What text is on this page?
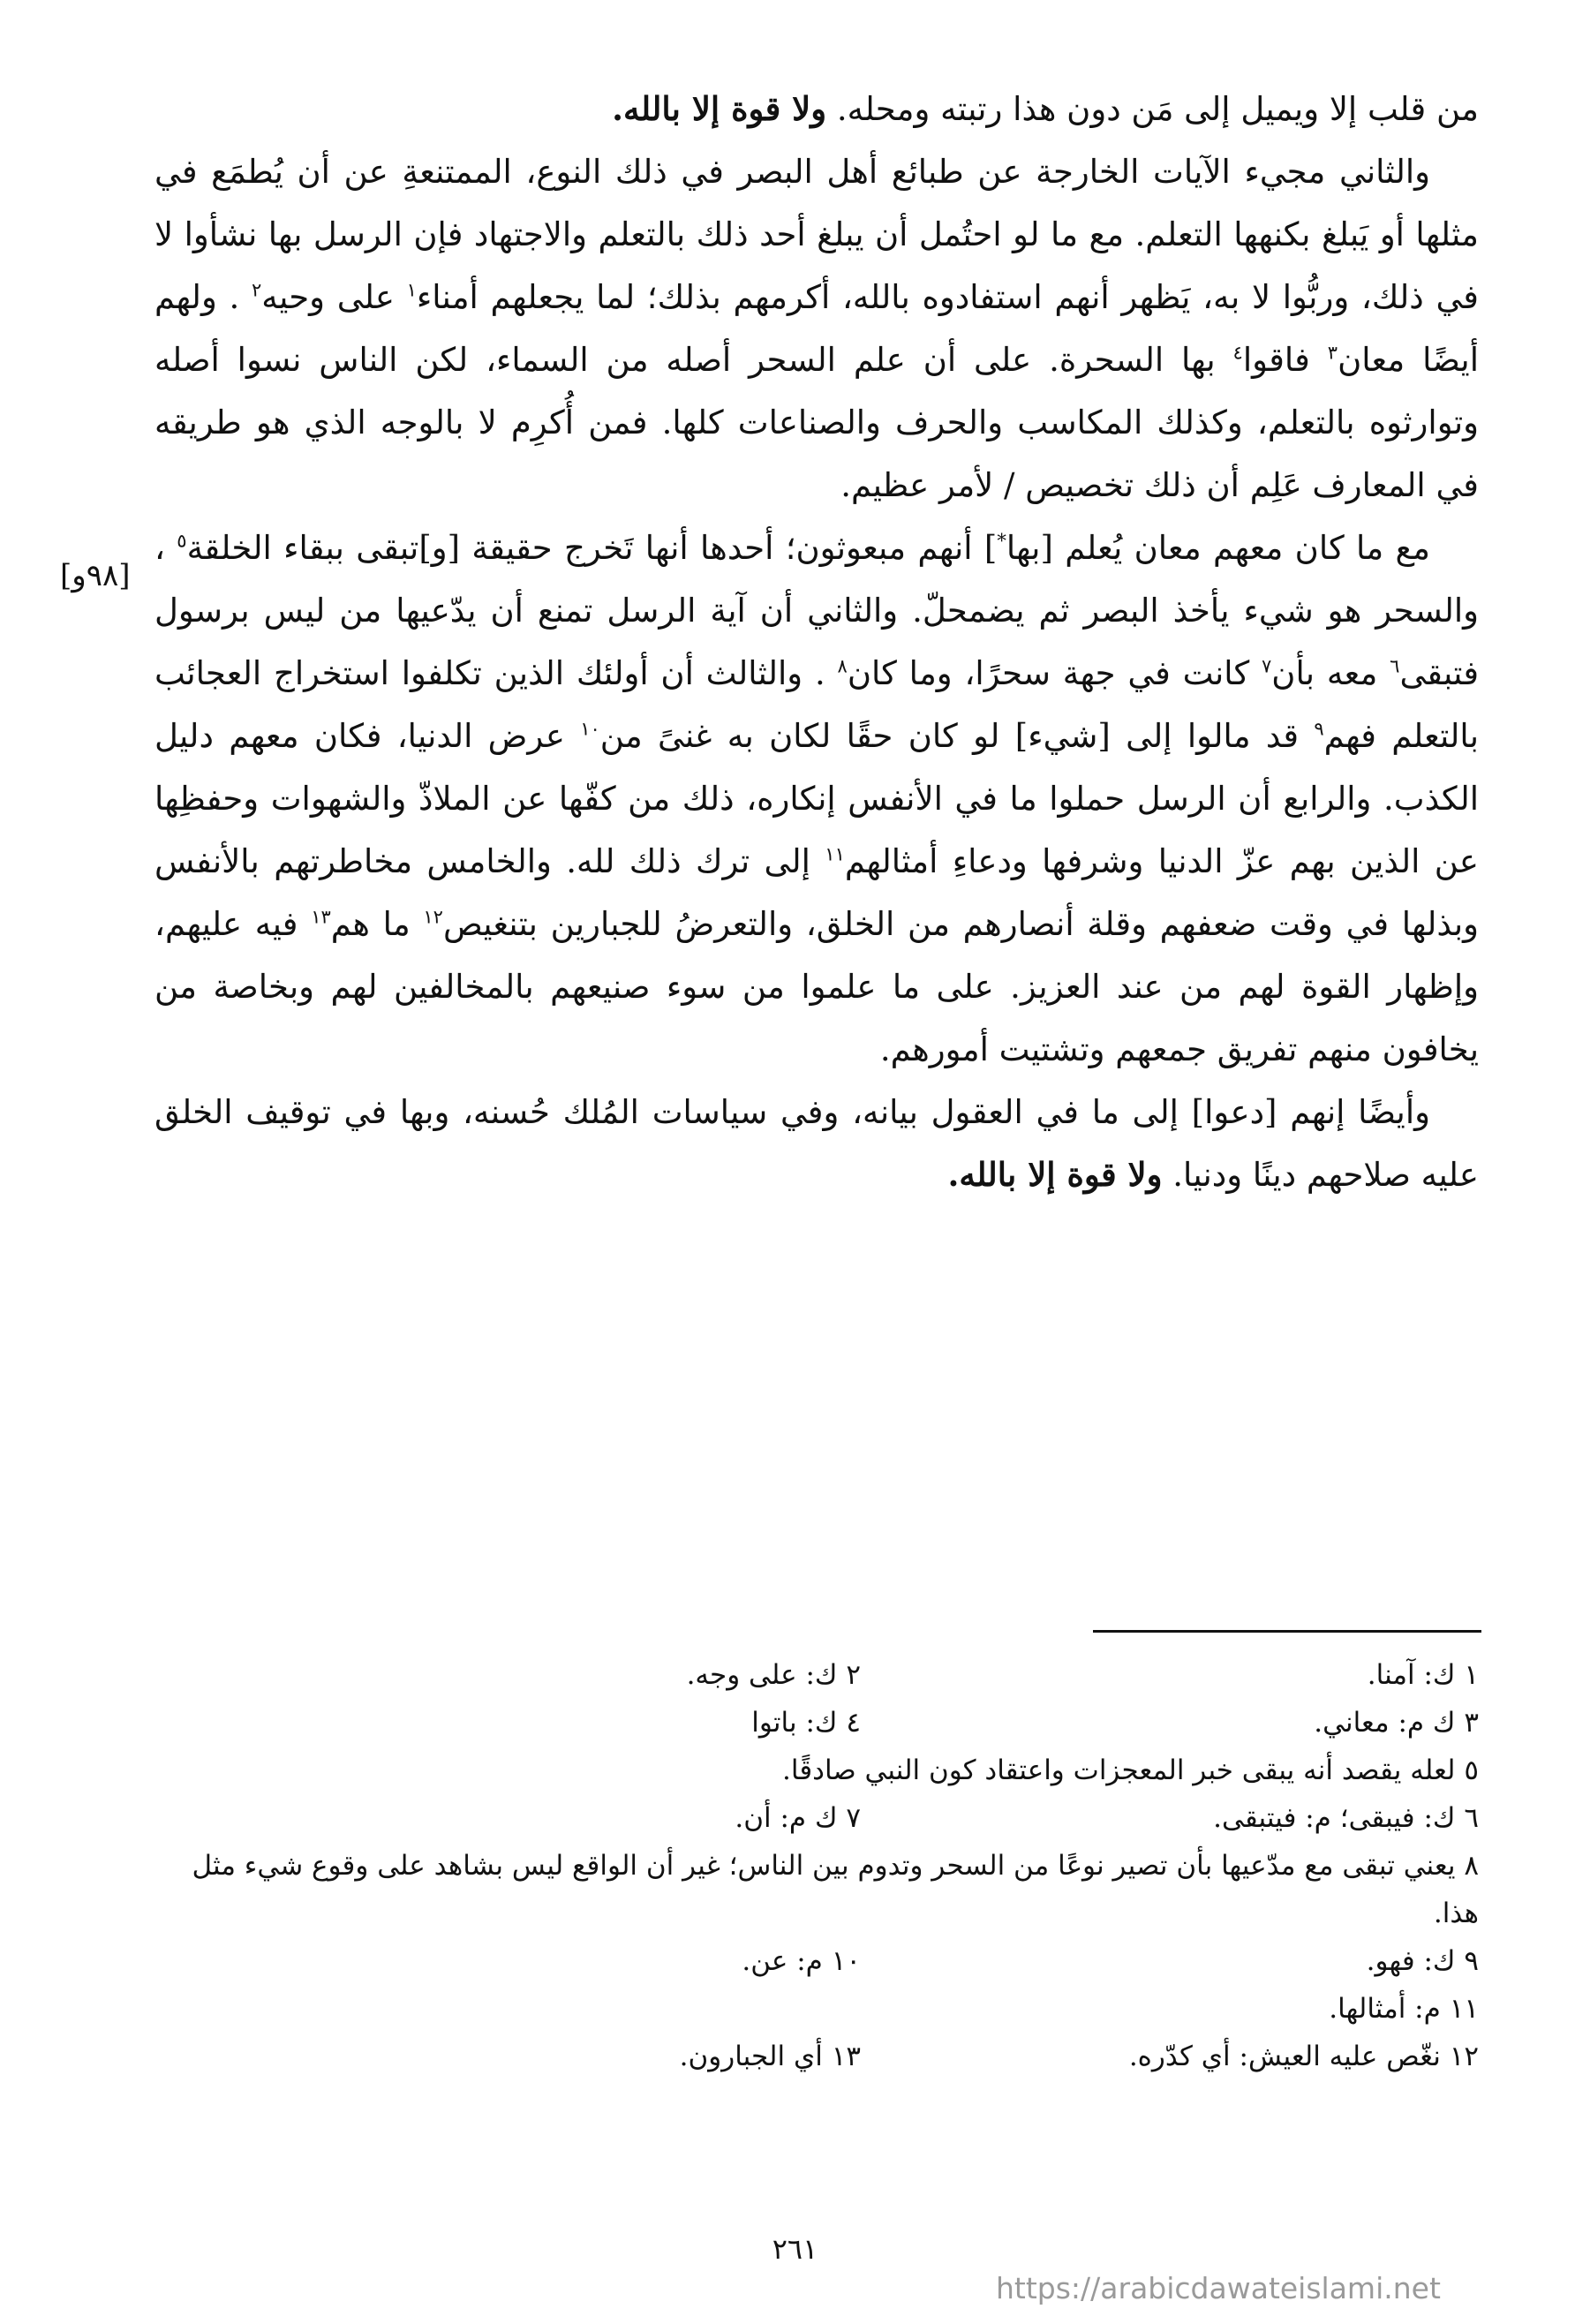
من قلب إلا ويميل إلى مَن دون هذا رتبته ومحله. ولا قوة إلا بالله.

والثاني مجيء الآيات الخارجة عن طبائع أهل البصر في ذلك النوع، الممتنعةِ عن أن يُطمَع في مثلها أو يَبلغ بكنهها التعلم. مع ما لو احتُمل أن يبلغ أحد ذلك بالتعلم والاجتهاد فإن الرسل بها نشأوا لا في ذلك، وربُّوا لا به، يَظهر أنهم استفادوه بالله، أكرمهم بذلك؛ لما يجعلهم أمناء$^١$ على وحيه$^٢$ . ولهم أيضًا معان$^٣$ فاقوا$^٤$ بها السحرة. على أن علم السحر أصله من السماء، لكن الناس نسوا أصله وتوارثوه بالتعلم، وكذلك المكاسب والحرف والصناعات كلها. فمن أُكرِم لا بالوجه الذي هو طريقه في المعارف عَلِم أن ذلك تخصيص / لأمر عظيم.

مع ما كان معهم معان يُعلم [بها*] أنهم مبعوثون؛ أحدها أنها تَخرج حقيقة [و]تبقى ببقاء الخلقة$^٥$ ، والسحر هو شيء يأخذ البصر ثم يضمحلّ. والثاني أن آية الرسل تمنع أن يدّعيها من ليس برسول فتبقى$^٦$ معه بأن$^٧$ كانت في جهة سحرًا، وما كان$^٨$ . والثالث أن أولئك الذين تكلفوا استخراج العجائب بالتعلم فهم$^٩$ قد مالوا إلى [شيء] لو كان حقًا لكان به غنىً من$^{١٠}$ عرض الدنيا، فكان معهم دليل الكذب. والرابع أن الرسل حملوا ما في الأنفس إنكاره، ذلك من كفّها عن الملاذّ والشهوات وحفظِها عن الذين بهم عزّ الدنيا وشرفها ودعاءِ أمثالهم$^{١١}$ إلى ترك ذلك لله. والخامس مخاطرتهم بالأنفس وبذلها في وقت ضعفهم وقلة أنصارهم من الخلق، والتعرضُ للجبارين بتنغيص$^{١٢}$ ما هم$^{١٣}$ فيه عليهم، وإظهار القوة لهم من عند العزيز. على ما علموا من سوء صنيعهم بالمخالفين لهم وبخاصة من يخافون منهم تفريق جمعهم وتشتيت أمورهم.

وأيضًا إنهم [دعوا] إلى ما في العقول بيانه، وفي سياسات المُلك حُسنه، وبها في توقيف الخلق عليه صلاحهم دينًا ودنيا. ولا قوة إلا بالله.

[٩٨و]
١ ك: آمنا.
٢ ك: على وجه.
٣ ك م: معاني.
٤ ك: باتوا
٥ لعله يقصد أنه يبقى خبر المعجزات واعتقاد كون النبي صادقًا.
٦ ك: فيبقى؛ م: فيتبقى.
٧ ك م: أن.
٨ يعني تبقى مع مدّعيها بأن تصير نوعًا من السحر وتدوم بين الناس؛ غير أن الواقع ليس بشاهد على وقوع شيء مثل هذا.
٩ ك: فهو.
١٠ م: عن.
١١ م: أمثالها.
١٢ نغّص عليه العيش: أي كدّره.
١٣ أي الجبارون.
٢٦١
https://arabicdawateislami.net
